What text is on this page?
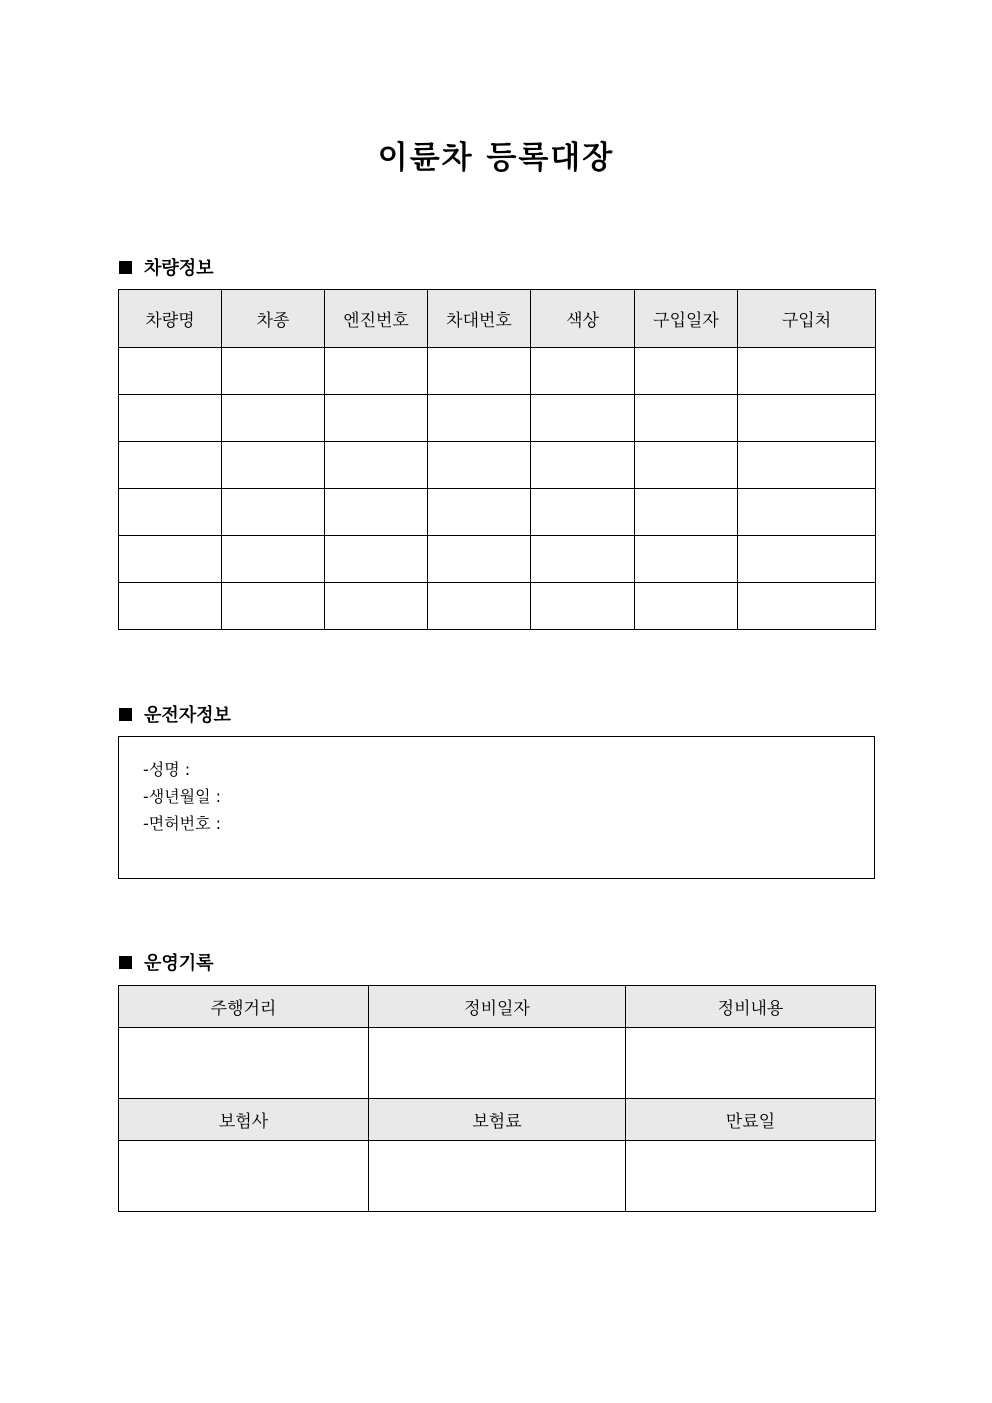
이륜차 등록대장
차량정보
차량명	차종	엔진번호	차대번호	색상	구입일자	구입처

운전자정보
-성명 :
-생년월일 :
-면허번호 :
운영기록
주행거리	정비일자	정비내용

보험사	보험료	만료일
